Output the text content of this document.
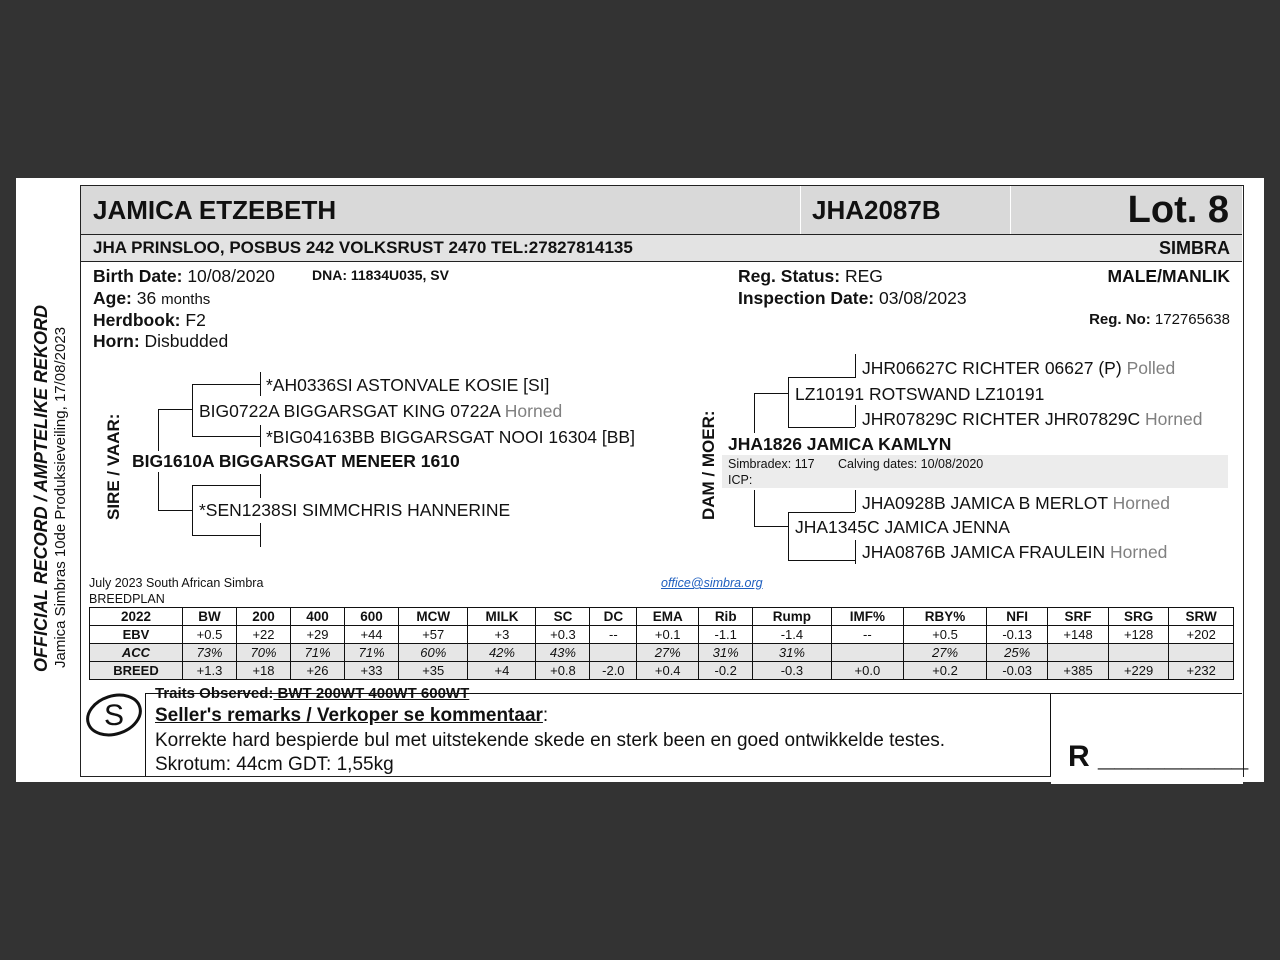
JAMICA ETZEBETH	JHA2087B	Lot. 8
JHA PRINSLOO, POSBUS 242 VOLKSRUST 2470 TEL:27827814135	SIMBRA
OFFICIAL RECORD / AMPTELIKE REKORD Jamica Simbras 10de Produksieveiling, 17/08/2023
Birth Date: 10/08/2020	DNA: 11834U035, SV
Age: 36 months
Herdbook: F2
Horn: Disbudded
Reg. Status: REG
Inspection Date: 03/08/2023
MALE/MANLIK
Reg. No: 172765638
SIRE / VAAR: BIG1610A BIGGARSGAT MENEER 1610
BIG0722A BIGGARSGAT KING 0722A Horned
*AH0336SI ASTONVALE KOSIE [SI]
*BIG04163BB BIGGARSGAT NOOI 16304 [BB]
*SEN1238SI SIMMCHRIS HANNERINE	DAM / MOER: JHA1826 JAMICA KAMLYN
Simbradex: 117 Calving dates: 10/08/2020
ICP:
LZ10191 ROTSWAND LZ10191
JHR06627C RICHTER 06627 (P) Polled
JHR07829C RICHTER JHR07829C Horned
JHA1345C JAMICA JENNA
JHA0928B JAMICA B MERLOT Horned
JHA0876B JAMICA FRAULEIN Horned
July 2023 South African Simbra
BREEDPLAN
office@simbra.org
2022	BW	200	400	600	MCW	MILK	SC	DC	EMA	Rib	Rump	IMF%	RBY%	NFI	SRF	SRG	SRW
EBV	+0.5	+22	+29	+44	+57	+3	+0.3	--	+0.1	-1.1	-1.4	--	+0.5	-0.13	+148	+128	+202
ACC	73%	70%	71%	71%	60%	42%	43%		27%	31%	31%		27%	25%			
BREED	+1.3	+18	+26	+33	+35	+4	+0.8	-2.0	+0.4	-0.2	-0.3	+0.0	+0.2	-0.03	+385	+229	+232
S
Traits Observed: BWT 200WT 400WT 600WT
Seller's remarks / Verkoper se kommentaar:
Korrekte hard bespierde bul met uitstekende skede en sterk been en goed ontwikkelde testes.
Skrotum: 44cm GDT: 1,55kg	R _________
